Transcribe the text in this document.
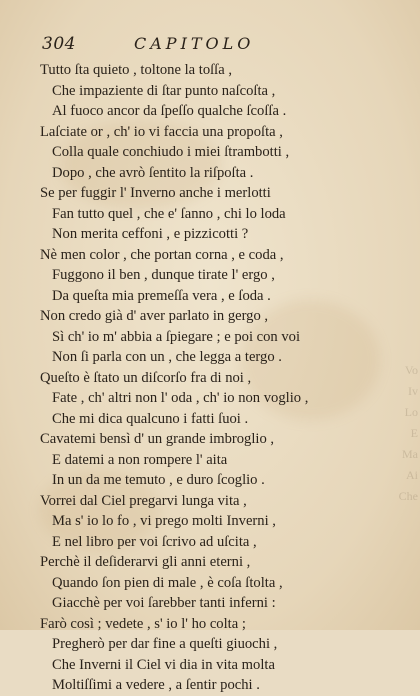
Vo
Iv
Lo
E
Ma
Ai
Che
304	CAPITOLO
Tutto ſta quieto , toltone la toſſa ,
Che impaziente di ſtar punto naſcoſta ,
Al fuoco ancor da ſpeſſo qualche ſcoſſa .
Laſciate or , ch' io vi faccia una propoſta ,
Colla quale conchiudo i miei ſtrambotti ,
Dopo , che avrò ſentito la riſpoſta .
Se per fuggir l' Inverno anche i merlotti
Fan tutto quel , che e' ſanno , chi lo loda
Non merita ceffoni , e pizzicotti ?
Nè men color , che portan corna , e coda ,
Fuggono il ben , dunque tirate l' ergo ,
Da queſta mia premeſſa vera , e ſoda .
Non credo già d' aver parlato in gergo ,
Sì ch' io m' abbia a ſpiegare ; e poi con voi
Non ſi parla con un , che legga a tergo .
Queſto è ſtato un diſcorſo fra di noi ,
Fate , ch' altri non l' oda , ch' io non voglio ,
Che mi dica qualcuno i fatti ſuoi .
Cavatemi bensì d' un grande imbroglio ,
E datemi a non rompere l' aita
In un da me temuto , e duro ſcoglio .
Vorrei dal Ciel pregarvi lunga vita ,
Ma s' io lo fo , vi prego molti Inverni ,
E nel libro per voi ſcrivo ad uſcita ,
Perchè il deſiderarvi gli anni eterni ,
Quando ſon pien di male , è coſa ſtolta ,
Giacchè per voi ſarebber tanti inferni :
Farò così ; vedete , s' io l' ho colta ;
Pregherò per dar fine a queſti giuochi ,
Che Inverni il Ciel vi dia in vita molta
Moltiſſimi a vedere , a ſentir pochi .
